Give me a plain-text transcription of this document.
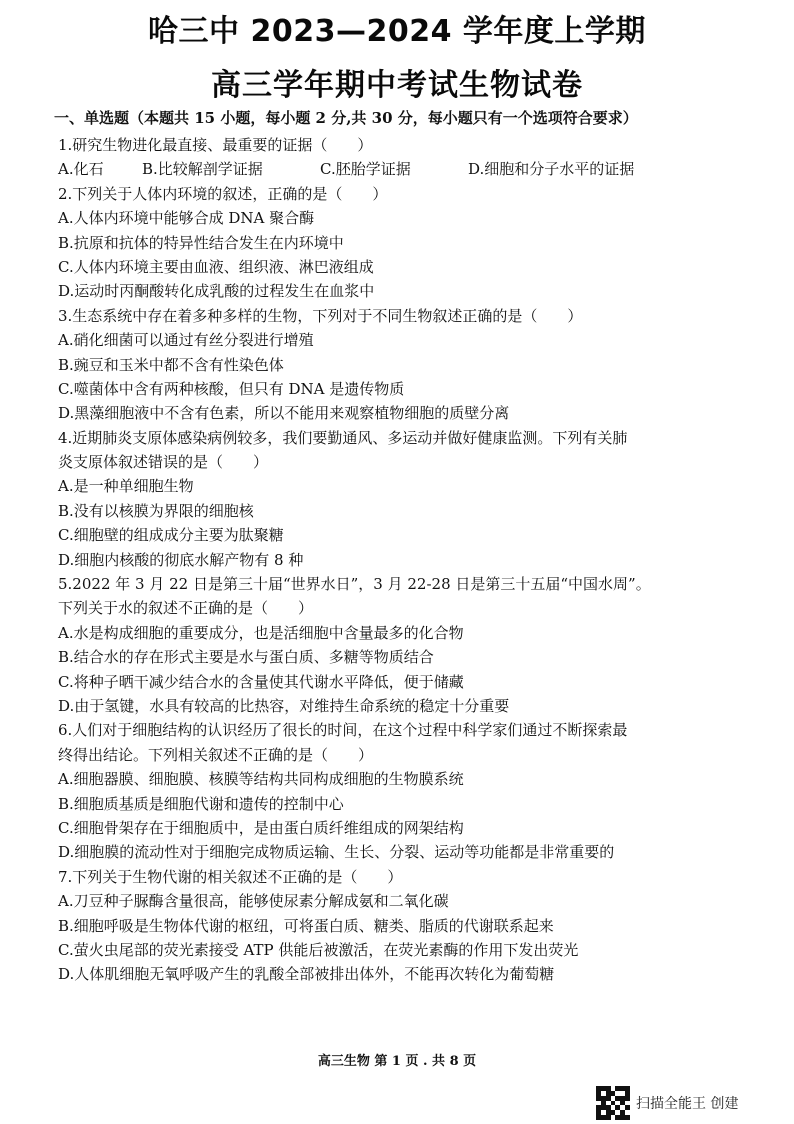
哈三中 2023—2024 学年度上学期
高三学年期中考试生物试卷
一、单选题（本题共 15 小题，每小题 2 分,共 30 分，每小题只有一个选项符合要求）
1.研究生物进化最直接、最重要的证据（　　）
A.化石	B.比较解剖学证据	C.胚胎学证据	D.细胞和分子水平的证据
2.下列关于人体内环境的叙述，正确的是（　　）
A.人体内环境中能够合成 DNA 聚合酶
B.抗原和抗体的特异性结合发生在内环境中
C.人体内环境主要由血液、组织液、淋巴液组成
D.运动时丙酮酸转化成乳酸的过程发生在血浆中
3.生态系统中存在着多种多样的生物，下列对于不同生物叙述正确的是（　　）
A.硝化细菌可以通过有丝分裂进行增殖
B.豌豆和玉米中都不含有性染色体
C.噬菌体中含有两种核酸，但只有 DNA 是遗传物质
D.黑藻细胞液中不含有色素，所以不能用来观察植物细胞的质壁分离
4.近期肺炎支原体感染病例较多，我们要勤通风、多运动并做好健康监测。下列有关肺
炎支原体叙述错误的是（　　）
A.是一种单细胞生物
B.没有以核膜为界限的细胞核
C.细胞壁的组成成分主要为肽聚糖
D.细胞内核酸的彻底水解产物有 8 种
5.2022 年 3 月 22 日是第三十届“世界水日”，3 月 22-28 日是第三十五届“中国水周”。
下列关于水的叙述不正确的是（　　）
A.水是构成细胞的重要成分，也是活细胞中含量最多的化合物
B.结合水的存在形式主要是水与蛋白质、多糖等物质结合
C.将种子晒干减少结合水的含量使其代谢水平降低，便于储藏
D.由于氢键，水具有较高的比热容，对维持生命系统的稳定十分重要
6.人们对于细胞结构的认识经历了很长的时间，在这个过程中科学家们通过不断探索最
终得出结论。下列相关叙述不正确的是（　　）
A.细胞器膜、细胞膜、核膜等结构共同构成细胞的生物膜系统
B.细胞质基质是细胞代谢和遗传的控制中心
C.细胞骨架存在于细胞质中，是由蛋白质纤维组成的网架结构
D.细胞膜的流动性对于细胞完成物质运输、生长、分裂、运动等功能都是非常重要的
7.下列关于生物代谢的相关叙述不正确的是（　　）
A.刀豆种子脲酶含量很高，能够使尿素分解成氨和二氧化碳
B.细胞呼吸是生物体代谢的枢纽，可将蛋白质、糖类、脂质的代谢联系起来
C.萤火虫尾部的荧光素接受 ATP 供能后被激活，在荧光素酶的作用下发出荧光
D.人体肌细胞无氧呼吸产生的乳酸全部被排出体外，不能再次转化为葡萄糖
高三生物 第 1 页 . 共 8 页
扫描全能王 创建
